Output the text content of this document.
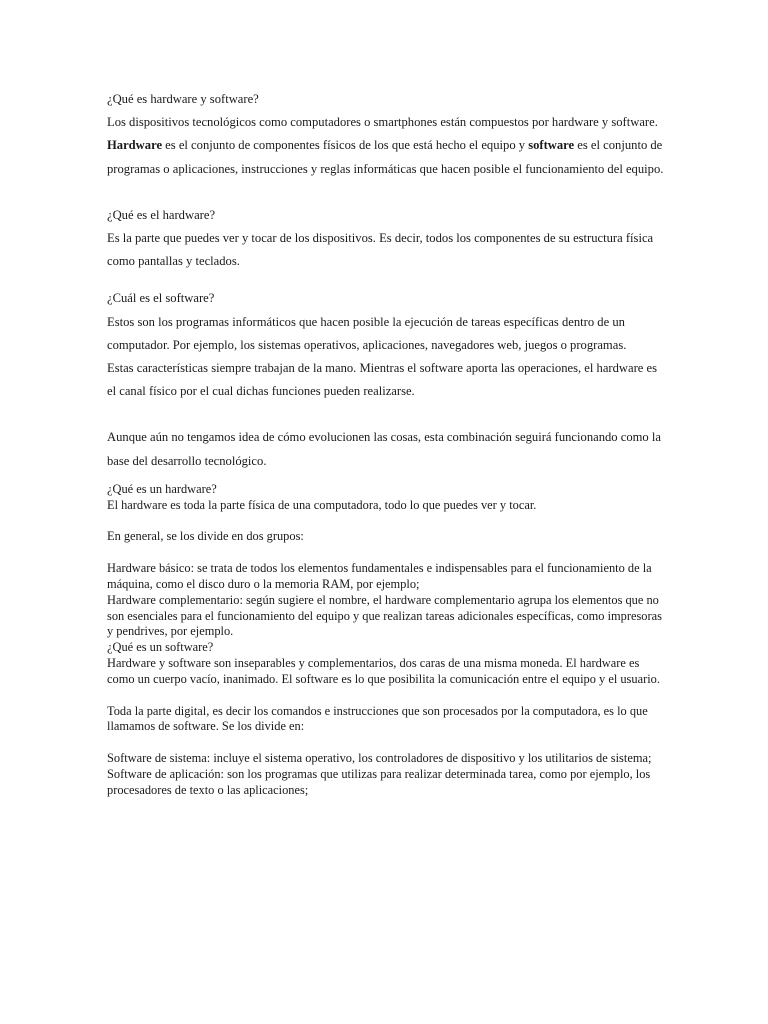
¿Qué es hardware y software?

Los dispositivos tecnológicos como computadores o smartphones están compuestos por hardware y software.

Hardware es el conjunto de componentes físicos de los que está hecho el equipo y software es el conjunto de programas o aplicaciones, instrucciones y reglas informáticas que hacen posible el funcionamiento del equipo.

¿Qué es el hardware?

Es la parte que puedes ver y tocar de los dispositivos. Es decir, todos los componentes de su estructura física como pantallas y teclados.

¿Cuál es el software?

Estos son los programas informáticos que hacen posible la ejecución de tareas específicas dentro de un computador. Por ejemplo, los sistemas operativos, aplicaciones, navegadores web, juegos o programas.

Estas características siempre trabajan de la mano. Mientras el software aporta las operaciones, el hardware es el canal físico por el cual dichas funciones pueden realizarse.

Aunque aún no tengamos idea de cómo evolucionen las cosas, esta combinación seguirá funcionando como la base del desarrollo tecnológico.

¿Qué es un hardware?

El hardware es toda la parte física de una computadora, todo lo que puedes ver y tocar.

En general, se los divide en dos grupos:

Hardware básico: se trata de todos los elementos fundamentales e indispensables para el funcionamiento de la máquina, como el disco duro o la memoria RAM, por ejemplo;

Hardware complementario: según sugiere el nombre, el hardware complementario agrupa los elementos que no son esenciales para el funcionamiento del equipo y que realizan tareas adicionales específicas, como impresoras y pendrives, por ejemplo.

¿Qué es un software?

Hardware y software son inseparables y complementarios, dos caras de una misma moneda. El hardware es como un cuerpo vacío, inanimado. El software es lo que posibilita la comunicación entre el equipo y el usuario.

Toda la parte digital, es decir los comandos e instrucciones que son procesados por la computadora, es lo que llamamos de software. Se los divide en:

Software de sistema: incluye el sistema operativo, los controladores de dispositivo y los utilitarios de sistema;

Software de aplicación: son los programas que utilizas para realizar determinada tarea, como por ejemplo, los procesadores de texto o las aplicaciones;
